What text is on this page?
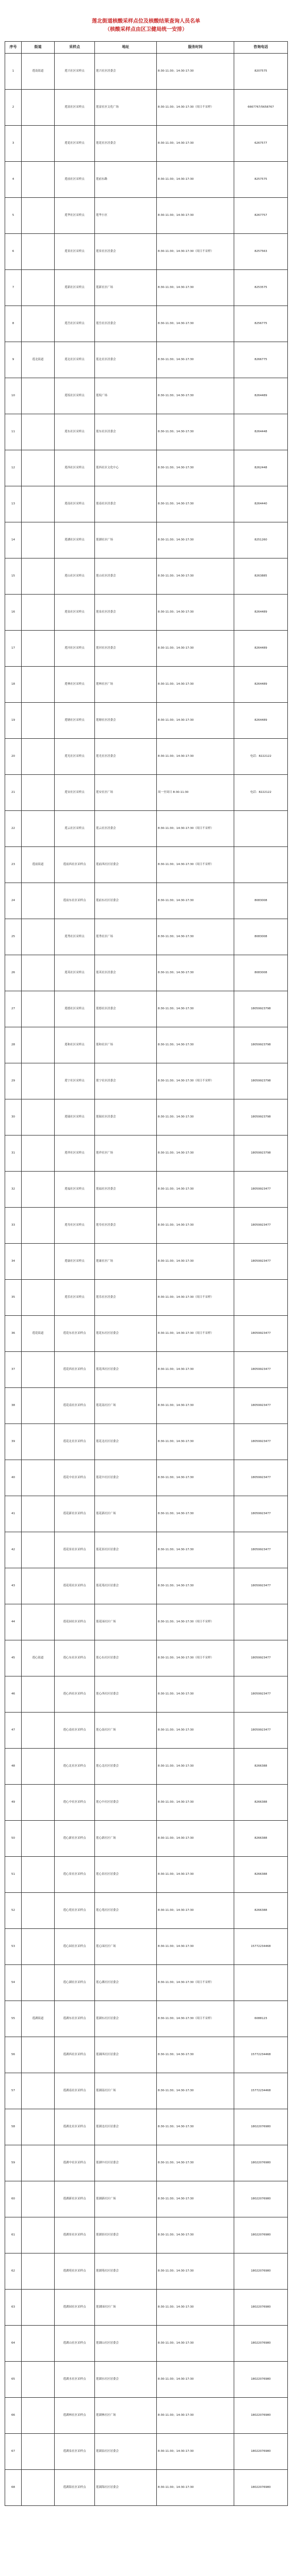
莲北街道核酸采样点位及核酸结果查询人员名单
（核酸采样点由区卫健局统一安排）
序号	街道	采样点	地址	服务时间	咨询电话
1	莲南街道	莲兴社区采样点	莲兴社区居委会	8:30-11:30；14:30-17:30	8207575
2		莲富社区采样点	莲富社区文化广场	8:30-11:30；14:30-17:30（周日不采样）	6667767/5658767
3		莲花社区采样点	莲花社区居委会	8:30-11:30；14:30-17:30	6267577
4		莲前社区采样点	莲前东路	8:30-11:30；14:30-17:30	8257575
5		莲华社区采样点	莲华小区	8:30-11:30；14:30-17:30	8267757
6		莲景社区采样点	莲景社区居委会	8:30-11:30；14:30-17:30（周日不采样）	8257563
7		莲新社区采样点	莲新社区广场	8:30-11:30；14:30-17:30	8253575
8		莲岳社区采样点	莲岳社区居委会	8:30-11:30；14:30-17:30	8256775
9	莲北街道	莲北社区采样点	莲北社区居委会	8:30-11:30；14:30-17:30	8266775
10		莲坂社区采样点	莲坂广场	8:30-11:30；14:30-17:30	8264489
11		莲东社区采样点	莲东社区居委会	8:30-11:30；14:30-17:30	8264448
12		莲西社区采样点	莲西社区文化中心	8:30-11:30；14:30-17:30	8262448
13		莲南社区采样点	莲南社区居委会	8:30-11:30；14:30-17:30	8264440
14		莲湖社区采样点	莲湖社区广场	8:30-11:30；14:30-17:30	8251260
15		莲山社区采样点	莲山社区居委会	8:30-11:30；14:30-17:30	8263885
16		莲泉社区采样点	莲泉社区居委会	8:30-11:30；14:30-17:30	8264489
17		莲河社区采样点	莲河社区居委会	8:30-11:30；14:30-17:30	8264489
18		莲林社区采样点	莲林社区广场	8:30-11:30；14:30-17:30	8264489
19		莲塘社区采样点	莲塘社区居委会	8:30-11:30；14:30-17:30	8264489
20		莲光社区采样点	莲光社区居委会	8:30-11:30；14:30-17:30	电话：8222122
21		莲安社区采样点	莲安社区广场	周一至周日 8:30-11:30	电话：8222122
22		莲云社区采样点	莲云社区居委会	8:30-11:30；14:30-17:30（周日不采样）	
23	莲前街道	莲前西社区采样点	莲前西社区居委会	8:30-11:30；14:30-17:30（周日不采样）	
24		莲前东社区采样点	莲前东社区居委会	8:30-11:30；14:30-17:30	8083008
25		莲秀社区采样点	莲秀社区广场	8:30-11:30；14:30-17:30	8083008
26		莲英社区采样点	莲英社区居委会	8:30-11:30；14:30-17:30	8083008
27		莲德社区采样点	莲德社区居委会	8:30-11:30；14:30-17:30	18059923798
28		莲和社区采样点	莲和社区广场	8:30-11:30；14:30-17:30	18059923798
29		莲宁社区采样点	莲宁社区居委会	8:30-11:30；14:30-17:30（周日不采样）	18059923798
30		莲瑞社区采样点	莲瑞社区居委会	8:30-11:30；14:30-17:30	18059923798
31		莲祥社区采样点	莲祥社区广场	8:30-11:30；14:30-17:30	18059923798
32		莲福社区采样点	莲福社区居委会	8:30-11:30；14:30-17:30	18059923477
33		莲寿社区采样点	莲寿社区居委会	8:30-11:30；14:30-17:30	18059923477
34		莲康社区采样点	莲康社区广场	8:30-11:30；14:30-17:30	18059923477
35		莲乐社区采样点	莲乐社区居委会	8:30-11:30；14:30-17:30（周日不采样）	
36	莲花街道	莲花东社区采样点	莲花东社区居委会	8:30-11:30；14:30-17:30（周日不采样）	18059923477
37		莲花西社区采样点	莲花西社区居委会	8:30-11:30；14:30-17:30	18059923477
38		莲花南社区采样点	莲花南社区广场	8:30-11:30；14:30-17:30	18059923477
39		莲花北社区采样点	莲花北社区居委会	8:30-11:30；14:30-17:30	18059923477
40		莲花中社区采样点	莲花中社区居委会	8:30-11:30；14:30-17:30	18059923477
41		莲花新社区采样点	莲花新社区广场	8:30-11:30；14:30-17:30	18059923477
42		莲花景社区采样点	莲花景社区居委会	8:30-11:30；14:30-17:30	18059923477
43		莲花苑社区采样点	莲花苑社区居委会	8:30-11:30；14:30-17:30	18059923477
44		莲花园社区采样点	莲花园社区广场	8:30-11:30；14:30-17:30（周日不采样）	
45	莲心街道	莲心东社区采样点	莲心东社区居委会	8:30-11:30；14:30-17:30（周日不采样）	18059923477
46		莲心西社区采样点	莲心西社区居委会	8:30-11:30；14:30-17:30	18059923477
47		莲心南社区采样点	莲心南社区广场	8:30-11:30；14:30-17:30	18059923477
48		莲心北社区采样点	莲心北社区居委会	8:30-11:30；14:30-17:30	8266388
49		莲心中社区采样点	莲心中社区居委会	8:30-11:30；14:30-17:30	8266388
50		莲心新社区采样点	莲心新社区广场	8:30-11:30；14:30-17:30	8266388
51		莲心景社区采样点	莲心景社区居委会	8:30-11:30；14:30-17:30	8266388
52		莲心苑社区采样点	莲心苑社区居委会	8:30-11:30；14:30-17:30	8266388
53		莲心园社区采样点	莲心园社区广场	8:30-11:30；14:30-17:30	15772234468
54		莲心湖社区采样点	莲心湖社区居委会	8:30-11:30；14:30-17:30（周日不采样）	
55	莲湖街道	莲湖东社区采样点	莲湖东社区居委会	8:30-11:30；14:30-17:30（周日不采样）	6088123
56		莲湖西社区采样点	莲湖西社区居委会	8:30-11:30；14:30-17:30	15772234468
57		莲湖南社区采样点	莲湖南社区广场	8:30-11:30；14:30-17:30	15772234468
58		莲湖北社区采样点	莲湖北社区居委会	8:30-11:30；14:30-17:30	18022076980
59		莲湖中社区采样点	莲湖中社区居委会	8:30-11:30；14:30-17:30	18022076980
60		莲湖新社区采样点	莲湖新社区广场	8:30-11:30；14:30-17:30	18022076980
61		莲湖景社区采样点	莲湖景社区居委会	8:30-11:30；14:30-17:30	18022076980
62		莲湖苑社区采样点	莲湖苑社区居委会	8:30-11:30；14:30-17:30	18022076980
63		莲湖园社区采样点	莲湖园社区广场	8:30-11:30；14:30-17:30	18022076980
64		莲湖山社区采样点	莲湖山社区居委会	8:30-11:30；14:30-17:30	18022076980
65		莲湖水社区采样点	莲湖水社区居委会	8:30-11:30；14:30-17:30	18022076980
66		莲湖林社区采样点	莲湖林社区广场	8:30-11:30；14:30-17:30	18022076980
67		莲湖泉社区采样点	莲湖泉社区居委会	8:30-11:30；14:30-17:30	18022076980
68		莲湖海社区采样点	莲湖海社区居委会	8:30-11:30；14:30-17:30	18022076980
